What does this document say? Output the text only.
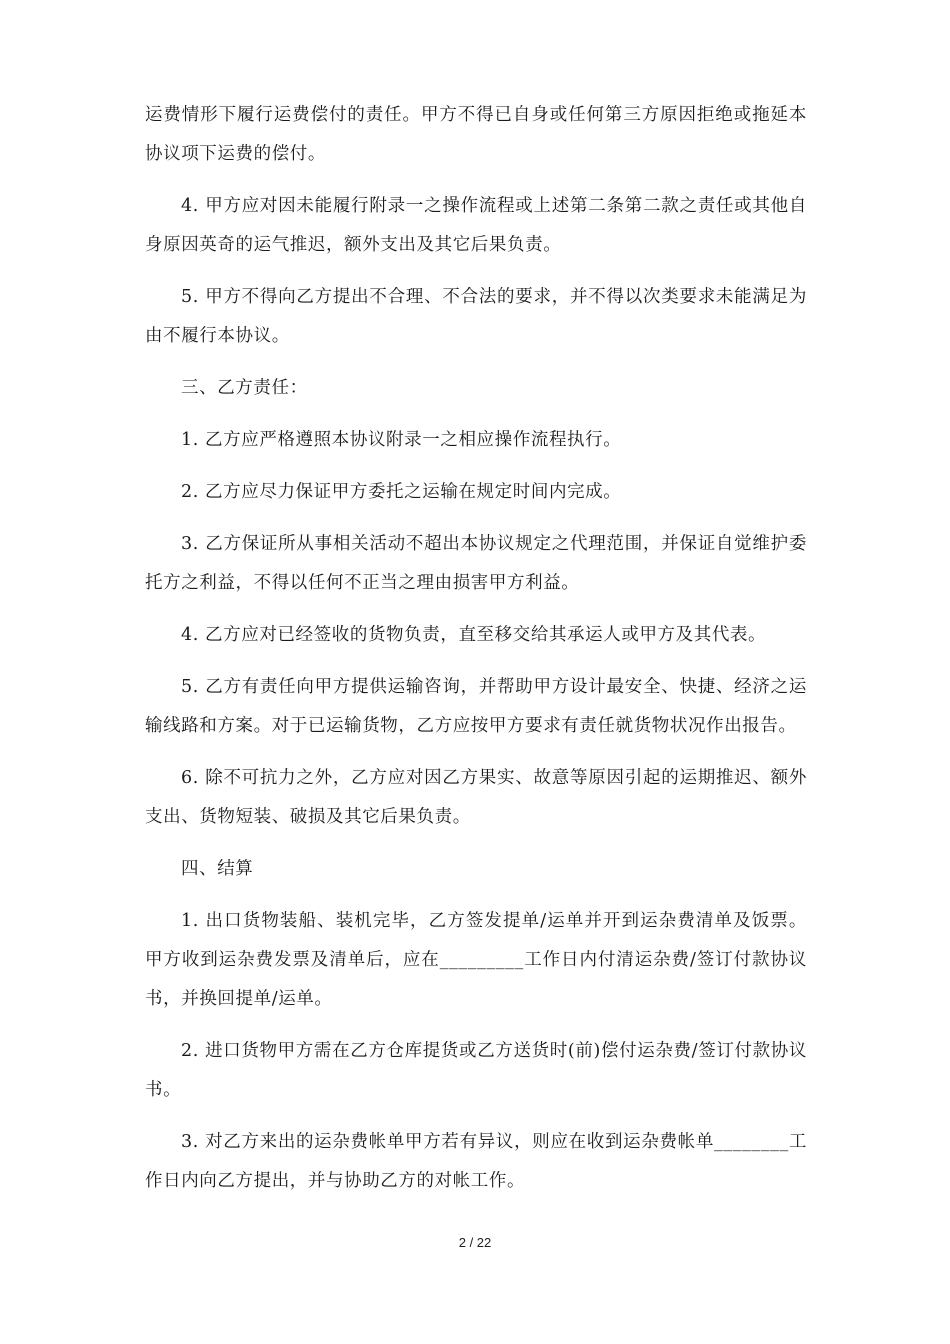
运费情形下履行运费偿付的责任。甲方不得已自身或任何第三方原因拒绝或拖延本协议项下运费的偿付。

4. 甲方应对因未能履行附录一之操作流程或上述第二条第二款之责任或其他自身原因英奇的运气推迟，额外支出及其它后果负责。

5. 甲方不得向乙方提出不合理、不合法的要求，并不得以次类要求未能满足为由不履行本协议。

三、乙方责任：

1. 乙方应严格遵照本协议附录一之相应操作流程执行。

2. 乙方应尽力保证甲方委托之运输在规定时间内完成。

3. 乙方保证所从事相关活动不超出本协议规定之代理范围，并保证自觉维护委托方之利益，不得以任何不正当之理由损害甲方利益。

4. 乙方应对已经签收的货物负责，直至移交给其承运人或甲方及其代表。

5. 乙方有责任向甲方提供运输咨询，并帮助甲方设计最安全、快捷、经济之运输线路和方案。对于已运输货物，乙方应按甲方要求有责任就货物状况作出报告。

6. 除不可抗力之外，乙方应对因乙方果实、故意等原因引起的运期推迟、额外支出、货物短装、破损及其它后果负责。

四、结算

1. 出口货物装船、装机完毕，乙方签发提单/运单并开到运杂费清单及饭票。甲方收到运杂费发票及清单后，应在_________工作日内付清运杂费/签订付款协议书，并换回提单/运单。

2. 进口货物甲方需在乙方仓库提货或乙方送货时(前)偿付运杂费/签订付款协议书。

3. 对乙方来出的运杂费帐单甲方若有异议，则应在收到运杂费帐单________工作日内向乙方提出，并与协助乙方的对帐工作。

2 / 22
